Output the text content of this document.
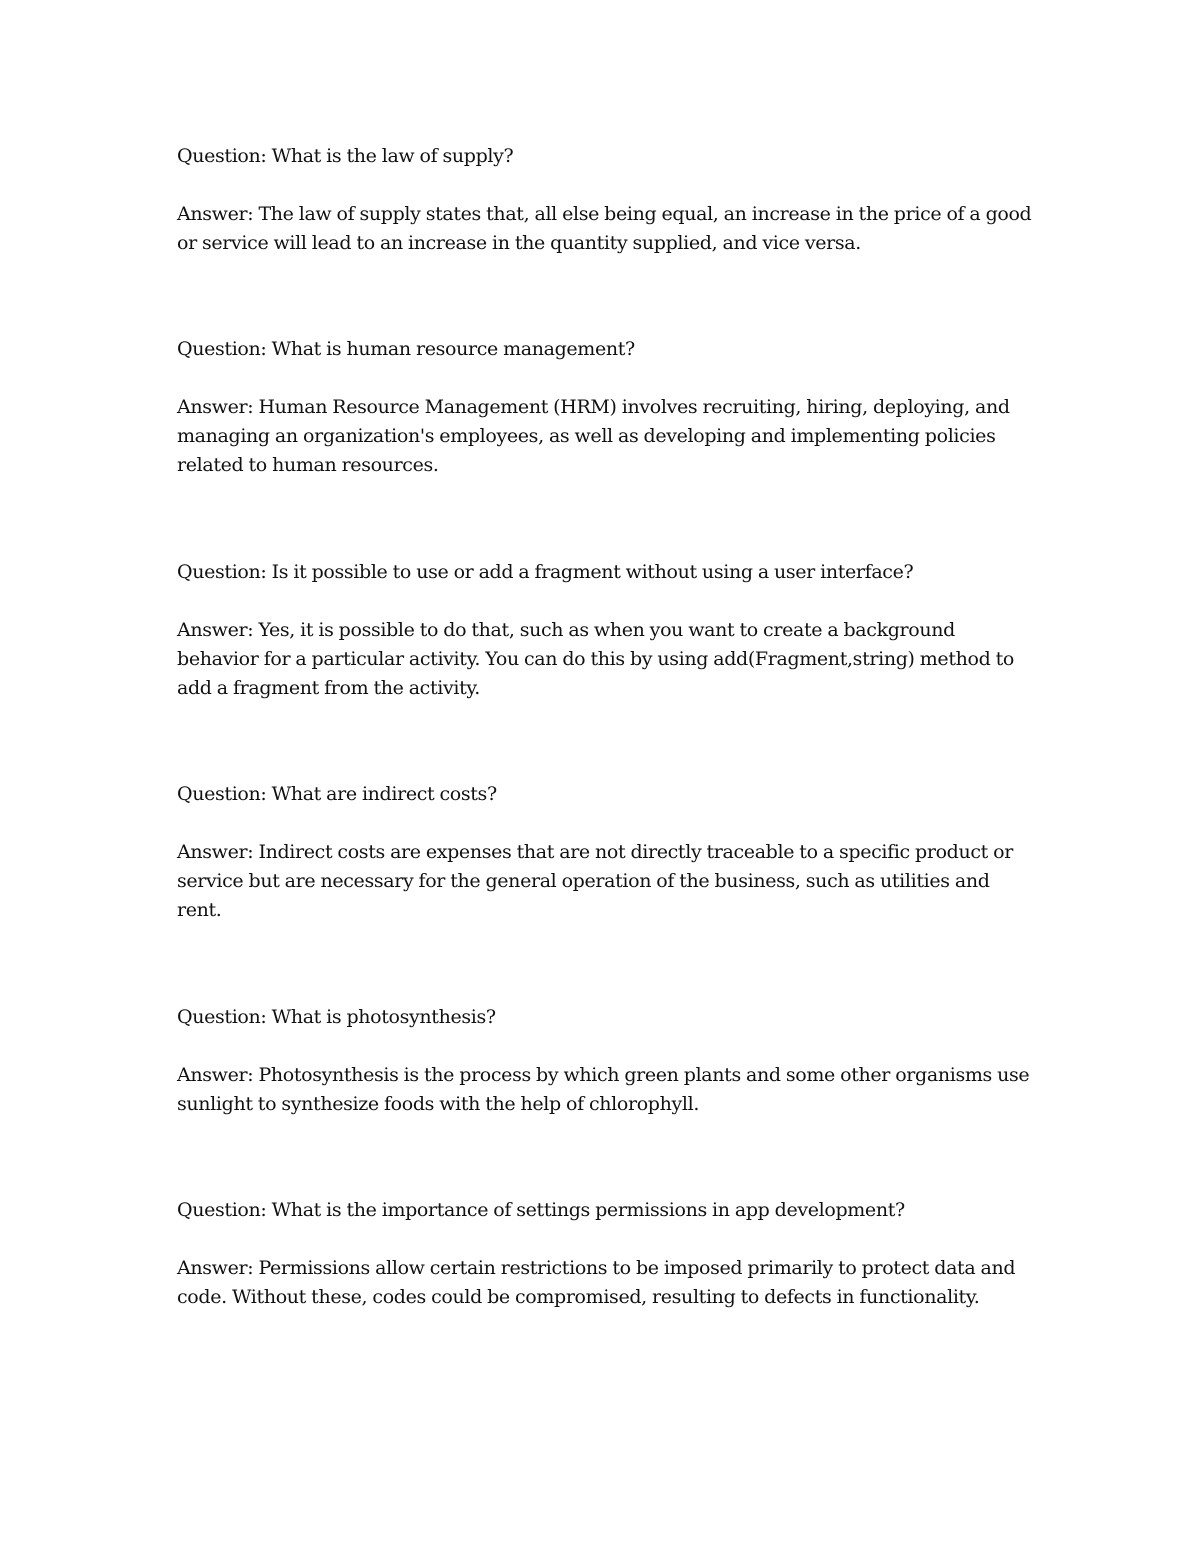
Question: What is the law of supply?

Answer: The law of supply states that, all else being equal, an increase in the price of a good
or service will lead to an increase in the quantity supplied, and vice versa.

Question: What is human resource management?

Answer: Human Resource Management (HRM) involves recruiting, hiring, deploying, and
managing an organization's employees, as well as developing and implementing policies
related to human resources.

Question: Is it possible to use or add a fragment without using a user interface?

Answer: Yes, it is possible to do that, such as when you want to create a background
behavior for a particular activity. You can do this by using add(Fragment,string) method to
add a fragment from the activity.

Question: What are indirect costs?

Answer: Indirect costs are expenses that are not directly traceable to a specific product or
service but are necessary for the general operation of the business, such as utilities and
rent.

Question: What is photosynthesis?

Answer: Photosynthesis is the process by which green plants and some other organisms use
sunlight to synthesize foods with the help of chlorophyll.

Question: What is the importance of settings permissions in app development?

Answer: Permissions allow certain restrictions to be imposed primarily to protect data and
code. Without these, codes could be compromised, resulting to defects in functionality.
